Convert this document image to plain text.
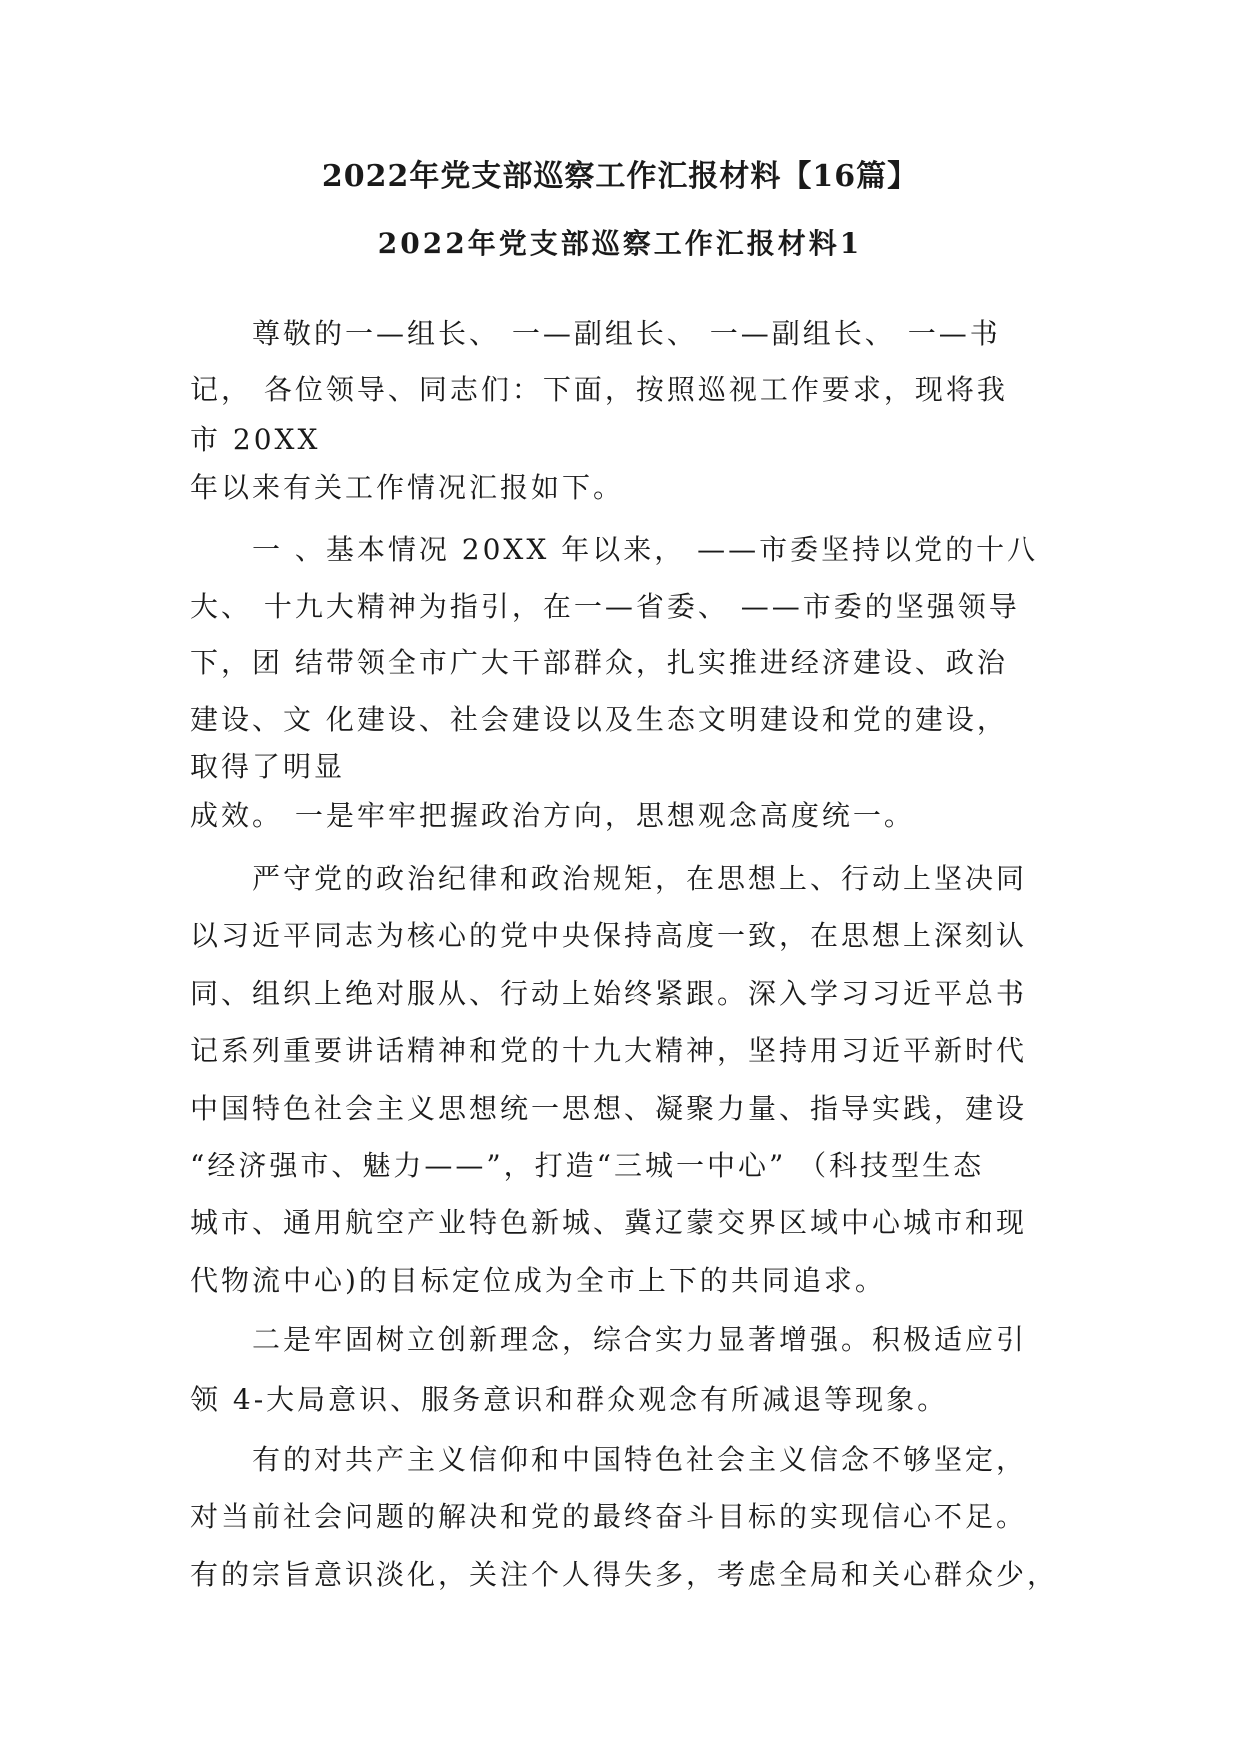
2022年党支部巡察工作汇报材料【16篇】
2022年党支部巡察工作汇报材料1

尊敬的一—组长、 一—副组长、 一—副组长、 一—书

记， 各位领导、同志们：下面，按照巡视工作要求，现将我

市 20XX

年以来有关工作情况汇报如下。

一 、基本情况 20XX 年以来， ——市委坚持以党的十八

大、 十九大精神为指引，在一—省委、 ——市委的坚强领导

下，团 结带领全市广大干部群众，扎实推进经济建设、政治

建设、文 化建设、社会建设以及生态文明建设和党的建设，

取得了明显

成效。 一是牢牢把握政治方向，思想观念高度统一。

严守党的政治纪律和政治规矩，在思想上、行动上坚决同

以习近平同志为核心的党中央保持高度一致，在思想上深刻认

同、组织上绝对服从、行动上始终紧跟。深入学习习近平总书

记系列重要讲话精神和党的十九大精神，坚持用习近平新时代

中国特色社会主义思想统一思想、凝聚力量、指导实践，建设

“经济强市、魅力——”，打造“三城一中心” （科技型生态

城市、通用航空产业特色新城、冀辽蒙交界区域中心城市和现

代物流中心)的目标定位成为全市上下的共同追求。

二是牢固树立创新理念，综合实力显著增强。积极适应引

领 4-大局意识、服务意识和群众观念有所减退等现象。

有的对共产主义信仰和中国特色社会主义信念不够坚定，

对当前社会问题的解决和党的最终奋斗目标的实现信心不足。

有的宗旨意识淡化，关注个人得失多，考虑全局和关心群众少，
